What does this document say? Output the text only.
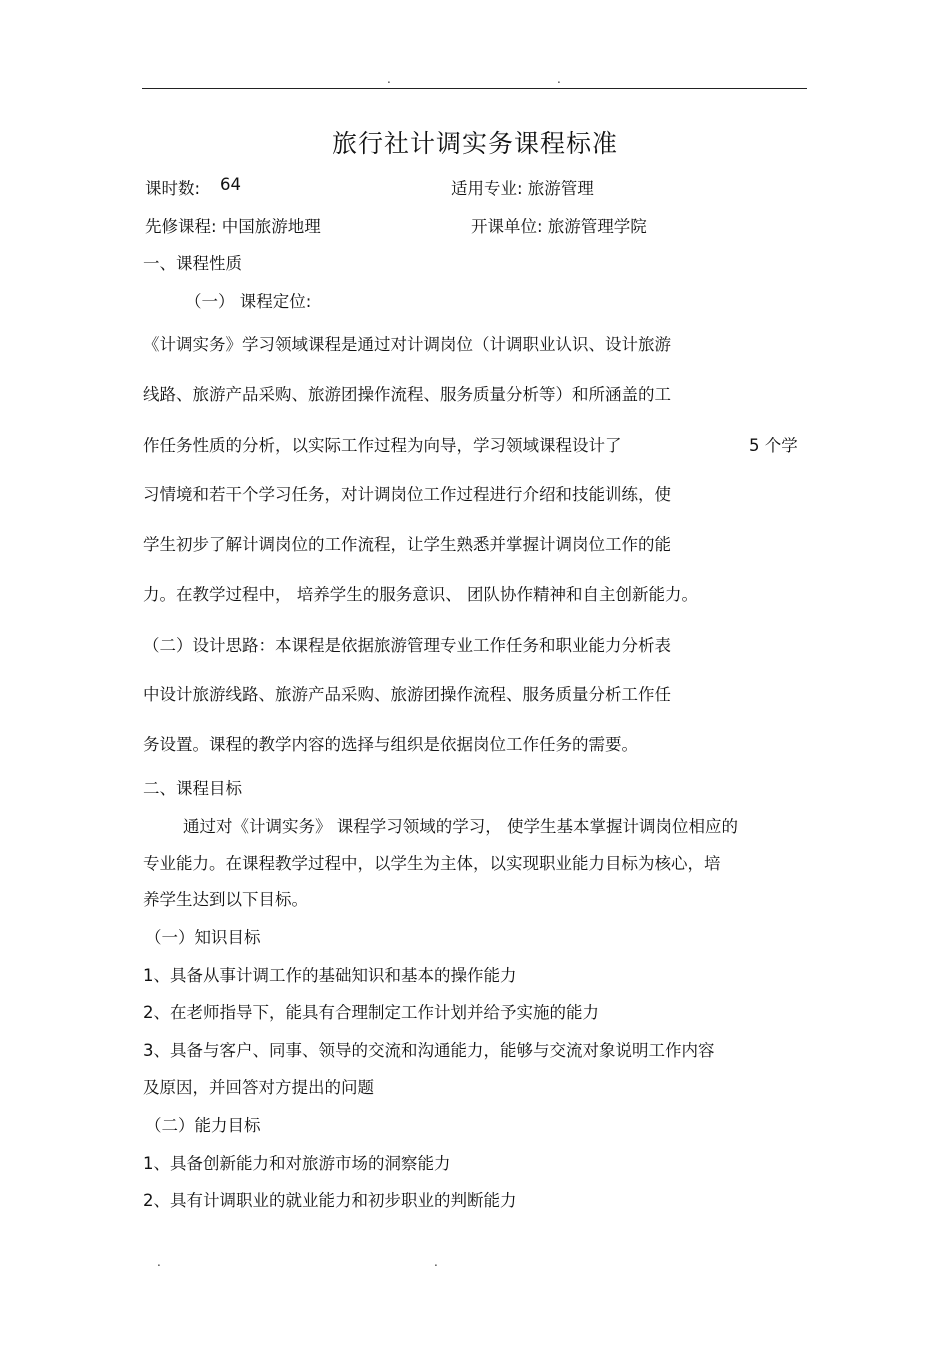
.	.
旅行社计调实务课程标准
课时数: 64	适用专业: 旅游管理
先修课程: 中国旅游地理	开课单位: 旅游管理学院
一、课程性质
（一） 课程定位:
《计调实务》学习领域课程是通过对计调岗位（计调职业认识、设计旅游
线路、旅游产品采购、旅游团操作流程、服务质量分析等）和所涵盖的工
作任务性质的分析，以实际工作过程为向导，学习领域课程设计了	5 个学
习情境和若干个学习任务，对计调岗位工作过程进行介绍和技能训练，使
学生初步了解计调岗位的工作流程，让学生熟悉并掌握计调岗位工作的能
力。在教学过程中， 培养学生的服务意识、 团队协作精神和自主创新能力。
（二）设计思路：本课程是依据旅游管理专业工作任务和职业能力分析表
中设计旅游线路、旅游产品采购、旅游团操作流程、服务质量分析工作任
务设置。课程的教学内容的选择与组织是依据岗位工作任务的需要。
二、课程目标
通过对《计调实务》 课程学习领域的学习， 使学生基本掌握计调岗位相应的
专业能力。在课程教学过程中，以学生为主体，以实现职业能力目标为核心，培
养学生达到以下目标。
（一）知识目标
1、具备从事计调工作的基础知识和基本的操作能力
2、在老师指导下，能具有合理制定工作计划并给予实施的能力
3、具备与客户、同事、领导的交流和沟通能力，能够与交流对象说明工作内容
及原因，并回答对方提出的问题
（二）能力目标
1、具备创新能力和对旅游市场的洞察能力
2、具有计调职业的就业能力和初步职业的判断能力
.	.
